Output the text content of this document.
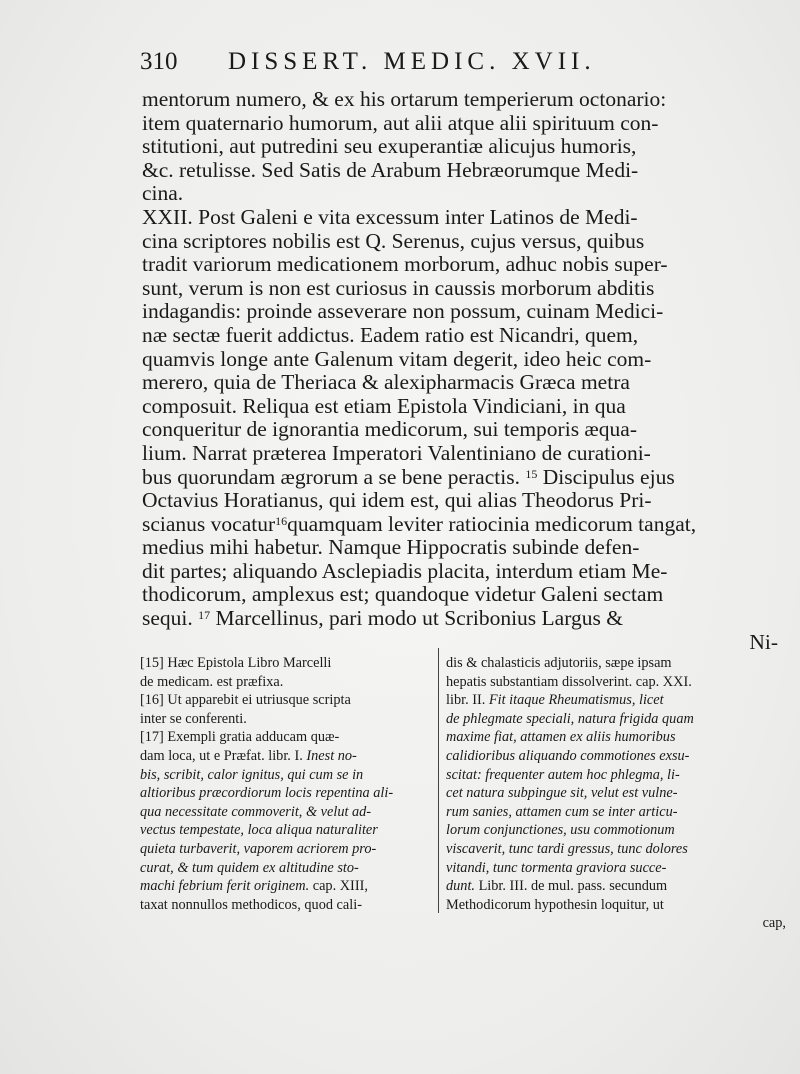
310 DISSERT. MEDIC. XVII.
mentorum numero, & ex his ortarum temperierum octonario:
item quaternario humorum, aut alii atque alii spirituum con-
stitutioni, aut putredini seu exuperantiæ alicujus humoris,
&c. retulisse. Sed Satis de Arabum Hebræorumque Medi-
cina.
XXII. Post Galeni e vita excessum inter Latinos de Medi-
cina scriptores nobilis est Q. Serenus, cujus versus, quibus
tradit variorum medicationem morborum, adhuc nobis super-
sunt, verum is non est curiosus in caussis morborum abditis
indagandis: proinde asseverare non possum, cuinam Medici-
næ sectæ fuerit addictus. Eadem ratio est Nicandri, quem,
quamvis longe ante Galenum vitam degerit, ideo heic com-
merero, quia de Theriaca & alexipharmacis Græca metra
composuit. Reliqua est etiam Epistola Vindiciani, in qua
conqueritur de ignorantia medicorum, sui temporis æqua-
lium. Narrat præterea Imperatori Valentiniano de curationi-
bus quorundam ægrorum a se bene peractis. $^{15}$ Discipulus ejus
Octavius Horatianus, qui idem est, qui alias Theodorus Pri-
scianus vocatur$^{16}$quamquam leviter ratiocinia medicorum tangat,
medius mihi habetur. Namque Hippocratis subinde defen-
dit partes; aliquando Asclepiadis placita, interdum etiam Me-
thodicorum, amplexus est; quandoque videtur Galeni sectam
sequi. $^{17}$ Marcellinus, pari modo ut Scribonius Largus &
Ni-
[15] Hæc Epistola Libro Marcelli
de medicam. est præfixa.
[16] Ut apparebit ei utriusque scripta
inter se conferenti.
[17] Exempli gratia adducam quæ-
dam loca, ut e Præfat. libr. I. Inest no-
bis, scribit, calor ignitus, qui cum se in
altioribus præcordiorum locis repentina ali-
qua necessitate commoverit, & velut ad-
vectus tempestate, loca aliqua naturaliter
quieta turbaverit, vaporem acriorem pro-
curat, & tum quidem ex altitudine sto-
machi febrium ferit originem. cap. XIII,
taxat nonnullos methodicos, quod cali-
dis & chalasticis adjutoriis, sæpe ipsam
hepatis substantiam dissolverint. cap. XXI.
libr. II. Fit itaque Rheumatismus, licet
de phlegmate speciali, natura frigida quam
maxime fiat, attamen ex aliis humoribus
calidioribus aliquando commotiones exsu-
scitat: frequenter autem hoc phlegma, li-
cet natura subpingue sit, velut est vulne-
rum sanies, attamen cum se inter articu-
lorum conjunctiones, usu commotionum
viscaverit, tunc tardi gressus, tunc dolores
vitandi, tunc tormenta graviora succe-
dunt. Libr. III. de mul. pass. secundum
Methodicorum hypothesin loquitur, ut
cap,
